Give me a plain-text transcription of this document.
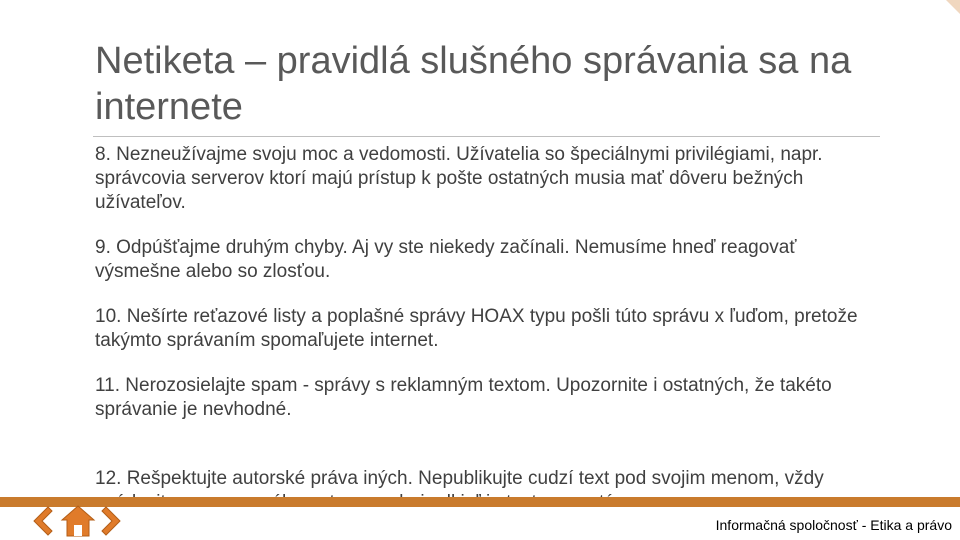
Netiketa – pravidlá slušného správania sa na internete

8. Nezneužívajme svoju moc a vedomosti. Užívatelia so špeciálnymi privilégiami, napr. správcovia serverov ktorí majú prístup k pošte ostatných musia mať dôveru bežných užívateľov.

9. Odpúšťajme druhým chyby. Aj vy ste niekedy začínali. Nemusíme hneď reagovať výsmešne alebo so zlosťou.

10. Nešírte reťazové listy a poplašné správy HOAX typu pošli túto správu x ľuďom, pretože takýmto správaním spomaľujete internet.

11. Nerozosielajte spam - správy s reklamným textom. Upozornite i ostatných, že takéto správanie je nevhodné.

12. Rešpektujte autorské práva iných. Nepublikujte cudzí text pod svojim menom, vždy

Informačná spoločnosť - Etika a právo
